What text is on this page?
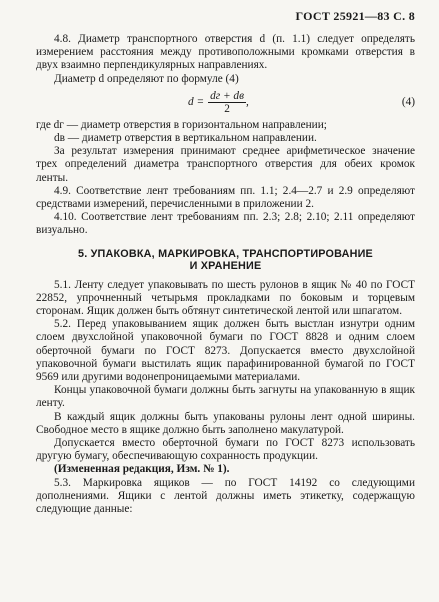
ГОСТ 25921—83 С. 8

4.8. Диаметр транспортного отверстия d (п. 1.1) следует определять измерением расстояния между противоположными кромками отверстия в двух взаимно перпендикулярных направлениях.

Диаметр d определяют по формуле (4)

$d = \frac{dг + dв}{2}$ ,	(4)

где dг — диаметр отверстия в горизонтальном направлении;

dв — диаметр отверстия в вертикальном направлении.

За результат измерения принимают среднее арифметическое значение трех определений диаметра транспортного отверстия для обеих кромок ленты.

4.9. Соответствие лент требованиям пп. 1.1; 2.4—2.7 и 2.9 определяют средствами измерений, перечисленными в приложении 2.

4.10. Соответствие лент требованиям пп. 2.3; 2.8; 2.10; 2.11 определяют визуально.

5. УПАКОВКА, МАРКИРОВКА, ТРАНСПОРТИРОВАНИЕ
И ХРАНЕНИЕ

5.1. Ленту следует упаковывать по шесть рулонов в ящик № 40 по ГОСТ 22852, упрочненный четырьмя прокладками по боковым и торцевым сторонам. Ящик должен быть обтянут синтетической лентой или шпагатом.

5.2. Перед упаковыванием ящик должен быть выстлан изнутри одним слоем двухслойной упаковочной бумаги по ГОСТ 8828 и одним слоем оберточной бумаги по ГОСТ 8273. Допускается вместо двухслойной упаковочной бумаги выстилать ящик парафинированной бумагой по ГОСТ 9569 или другими водонепроницаемыми материалами.

Концы упаковочной бумаги должны быть загнуты на упакованную в ящик ленту.

В каждый ящик должны быть упакованы рулоны лент одной ширины. Свободное место в ящике должно быть заполнено макулатурой.

Допускается вместо оберточной бумаги по ГОСТ 8273 использовать другую бумагу, обеспечивающую сохранность продукции.

(Измененная редакция, Изм. № 1).

5.3. Маркировка ящиков — по ГОСТ 14192 со следующими дополнениями. Ящики с лентой должны иметь этикетку, содержащую следующие данные:
